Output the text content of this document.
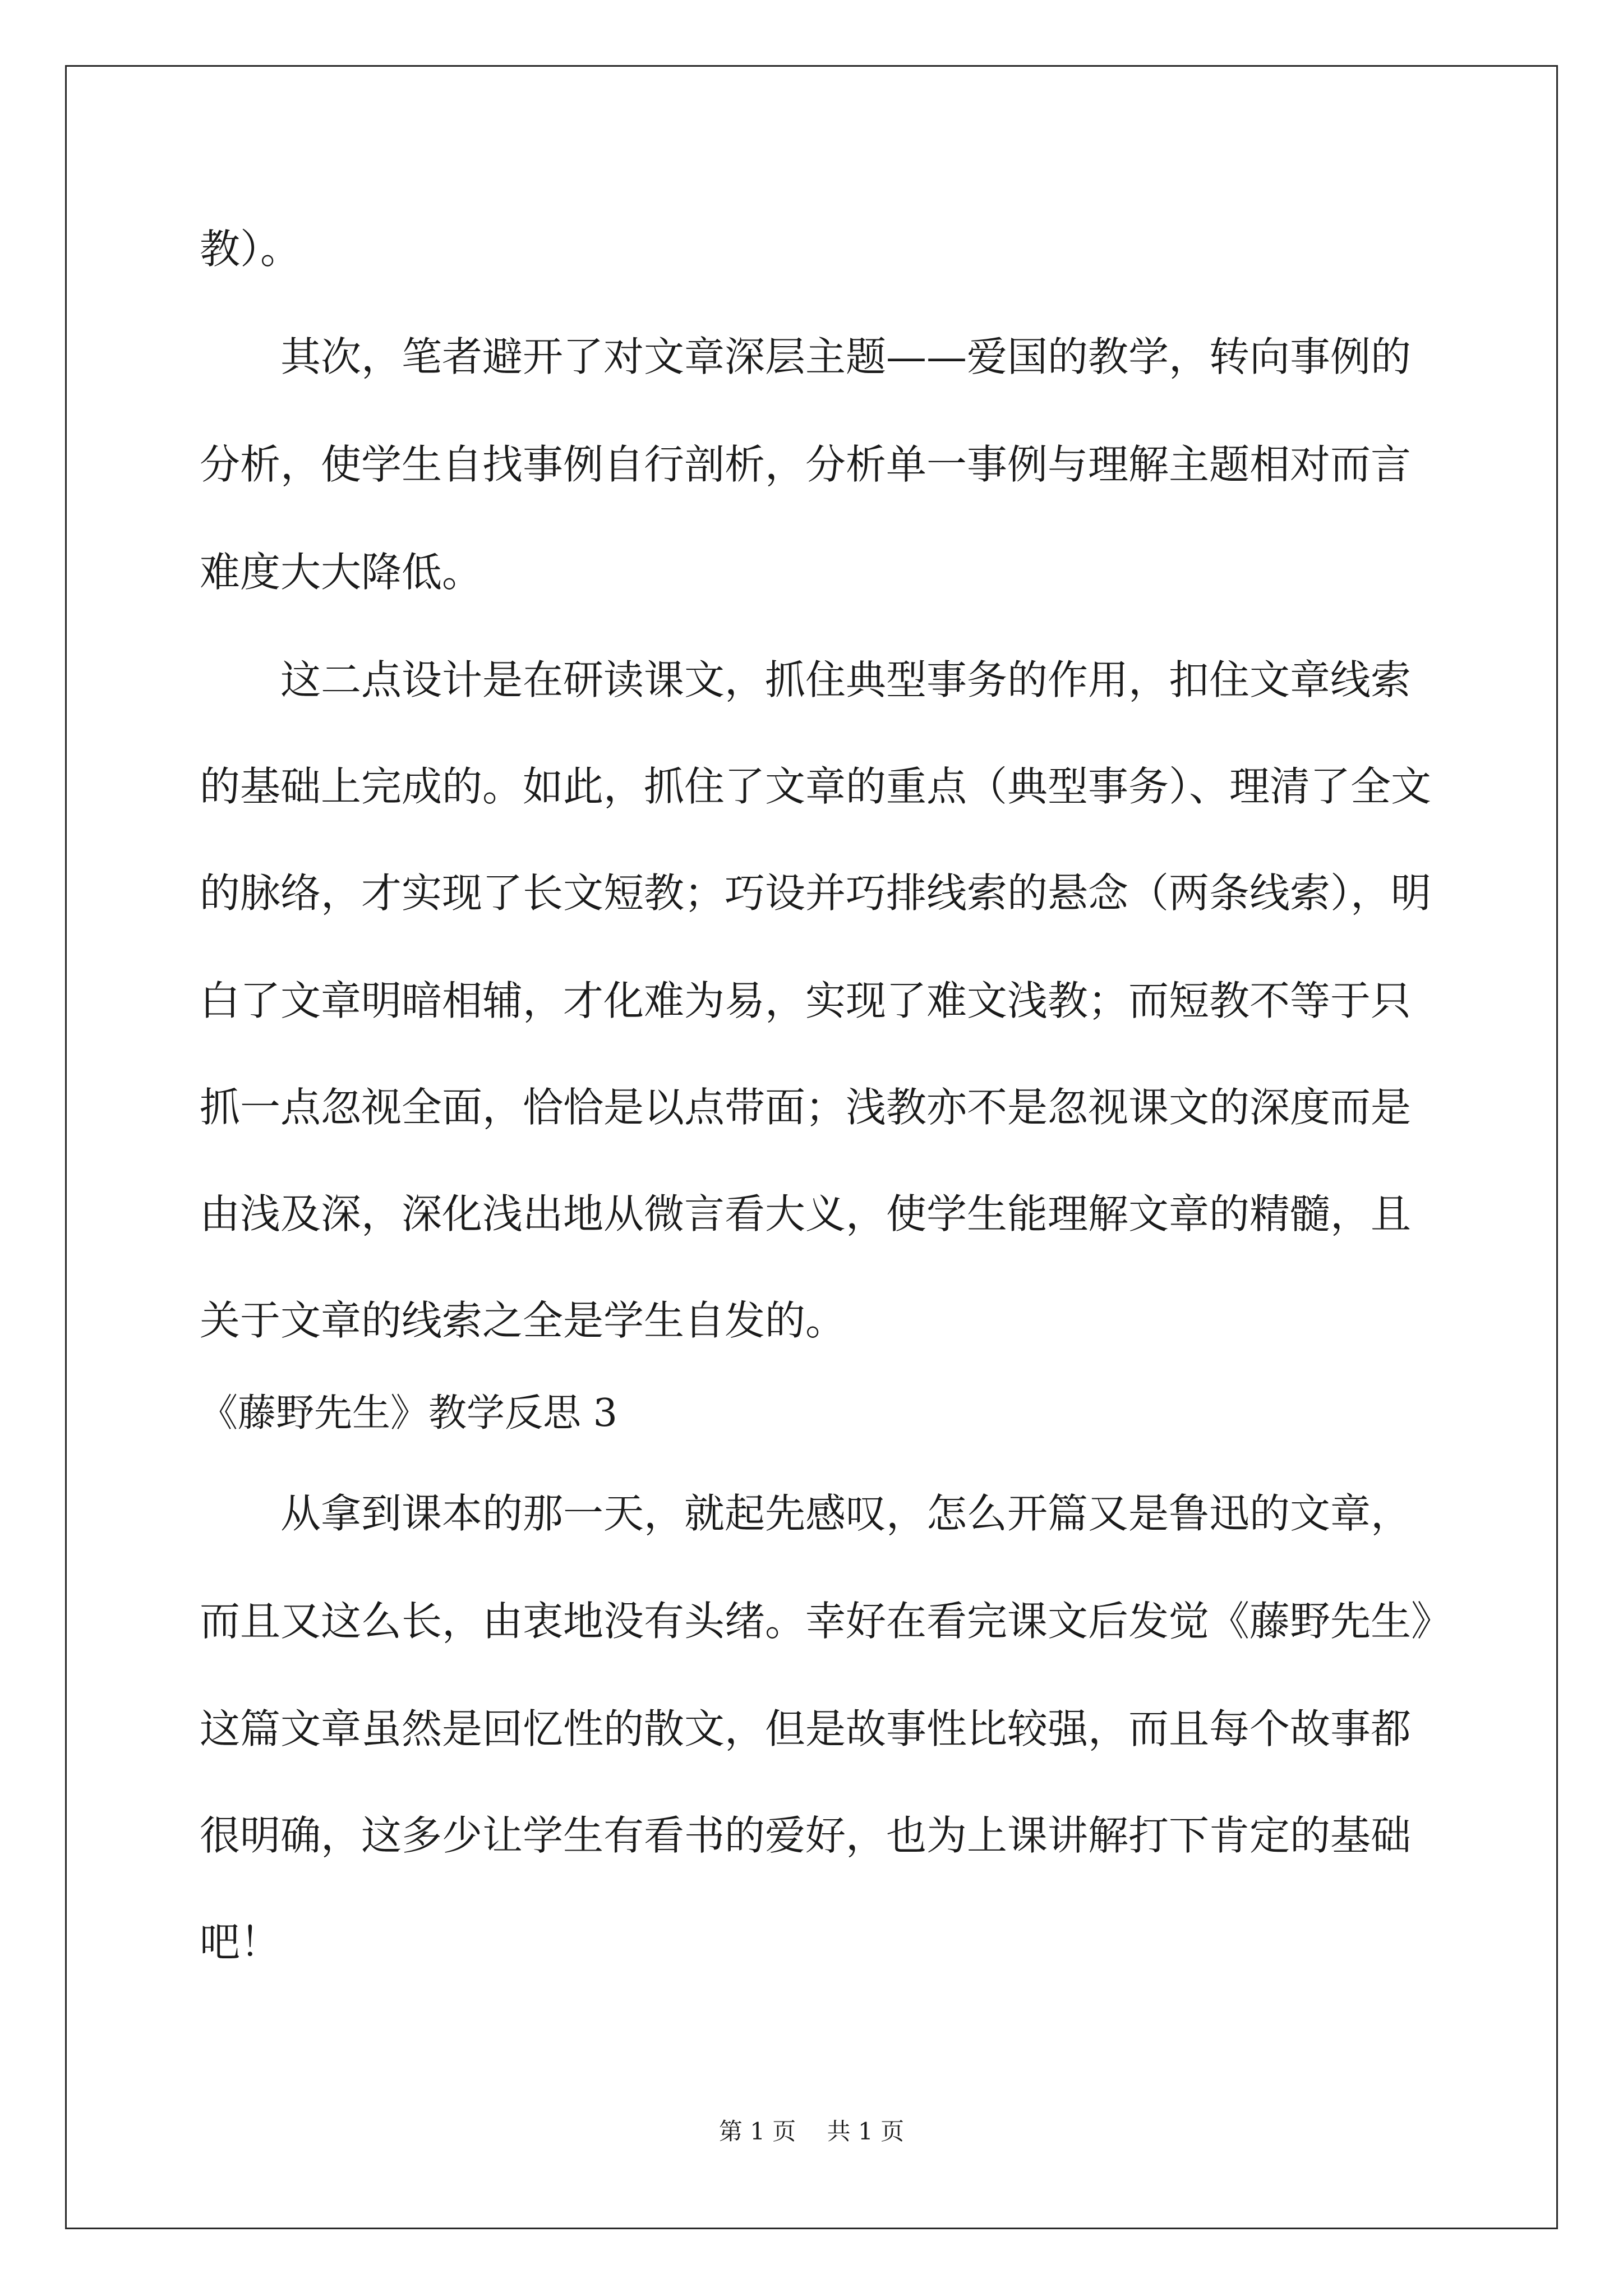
教）。
其次，笔者避开了对文章深层主题——爱国的教学，转向事例的
分析，使学生自找事例自行剖析，分析单一事例与理解主题相对而言
难度大大降低。
这二点设计是在研读课文，抓住典型事务的作用，扣住文章线索
的基础上完成的。如此，抓住了文章的重点（典型事务）、理清了全文
的脉络，才实现了长文短教；巧设并巧排线索的悬念（两条线索），明
白了文章明暗相辅，才化难为易，实现了难文浅教；而短教不等于只
抓一点忽视全面，恰恰是以点带面；浅教亦不是忽视课文的深度而是
由浅及深，深化浅出地从微言看大义，使学生能理解文章的精髓，且
关于文章的线索之全是学生自发的。
《藤野先生》教学反思 3
从拿到课本的那一天，就起先感叹，怎么开篇又是鲁迅的文章，
而且又这么长，由衷地没有头绪。幸好在看完课文后发觉《藤野先生》
这篇文章虽然是回忆性的散文，但是故事性比较强，而且每个故事都
很明确，这多少让学生有看书的爱好，也为上课讲解打下肯定的基础
吧！
第 1 页 共 1 页
